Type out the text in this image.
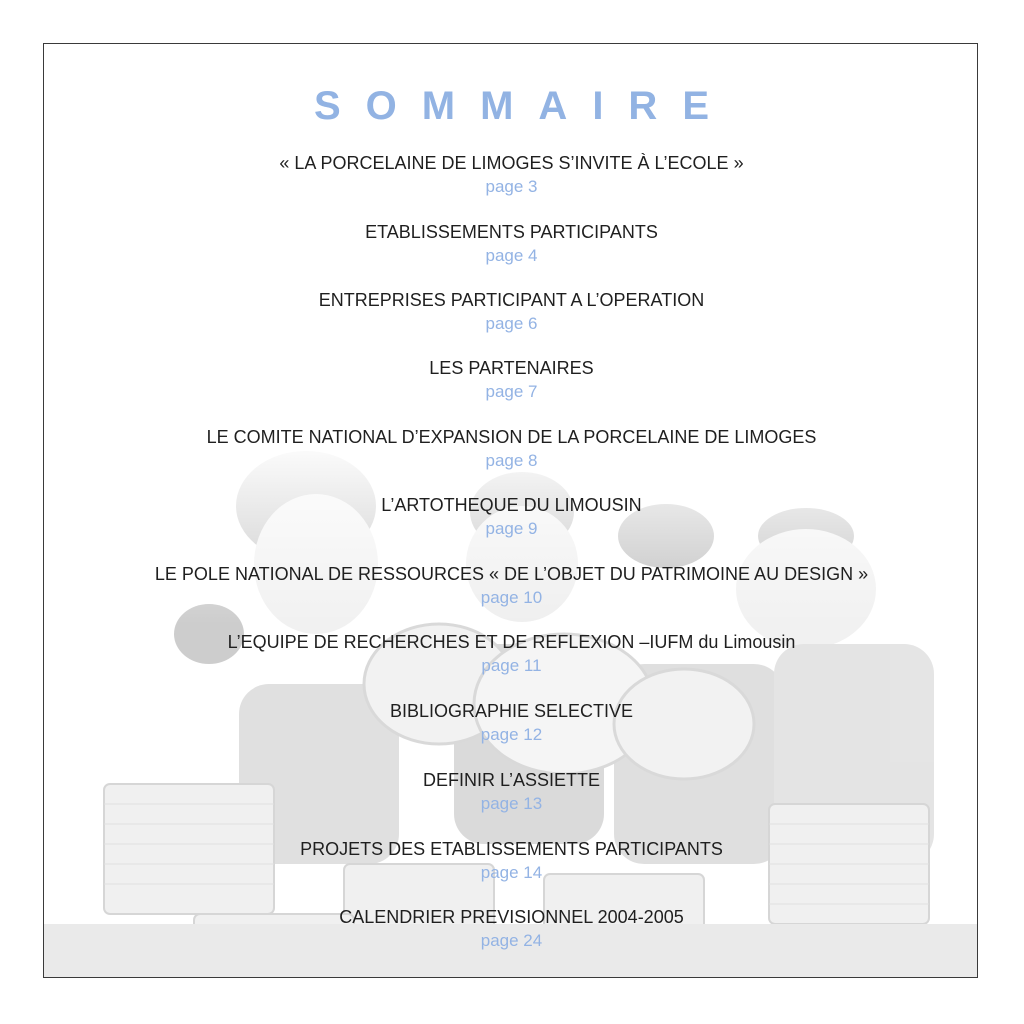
SOMMAIRE
« LA PORCELAINE DE LIMOGES S’INVITE À L’ECOLE »
page 3
ETABLISSEMENTS PARTICIPANTS
page 4
ENTREPRISES PARTICIPANT A L’OPERATION
page 6
LES PARTENAIRES
page 7
LE COMITE NATIONAL D’EXPANSION DE LA PORCELAINE DE LIMOGES
page 8
L’ARTOTHEQUE DU LIMOUSIN
page 9
LE POLE NATIONAL DE RESSOURCES « DE L’OBJET DU PATRIMOINE AU DESIGN »
page 10
L’EQUIPE DE RECHERCHES ET DE REFLEXION –IUFM du Limousin
page 11
BIBLIOGRAPHIE SELECTIVE
page 12
DEFINIR L’ASSIETTE
page 13
PROJETS DES ETABLISSEMENTS PARTICIPANTS
page 14
CALENDRIER PREVISIONNEL 2004-2005
page 24
